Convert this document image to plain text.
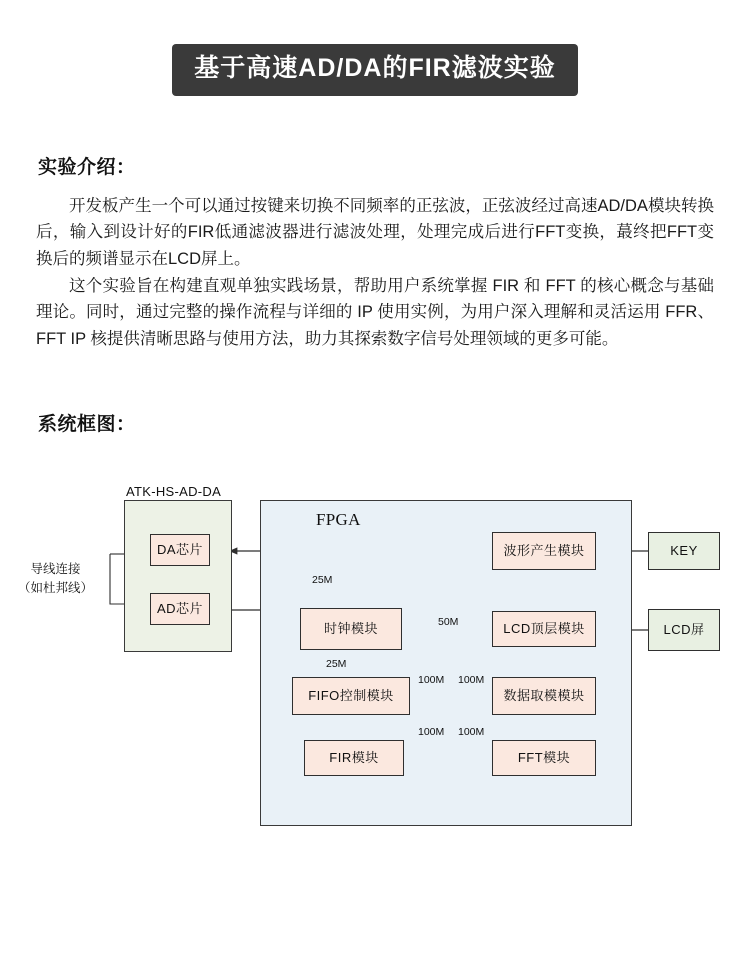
基于高速AD/DA的FIR滤波实验
实验介绍：

开发板产生一个可以通过按键来切换不同频率的正弦波，正弦波经过高速AD/DA模块转换后，输入到设计好的FIR低通滤波器进行滤波处理，处理完成后进行FFT变换，蕞终把FFT变换后的频谱显示在LCD屏上。

这个实验旨在构建直观单独实践场景，帮助用户系统掌握 FIR 和 FFT 的核心概念与基础理论。同时，通过完整的操作流程与详细的 IP 使用实例，为用户深入理解和灵活运用 FFR、FFT IP 核提供清晰思路与使用方法，助力其探索数字信号处理领域的更多可能。

系统框图：
ATK-HS-AD-DA
FPGA
DA芯片
AD芯片
波形产生模块
时钟模块	LCD顶层模块
FIFO控制模块	数据取模模块
FIR模块	FFT模块
KEY
LCD屏
25M
50M
25M
100M 100M
100M 100M
导线连接
（如杜邦线）
